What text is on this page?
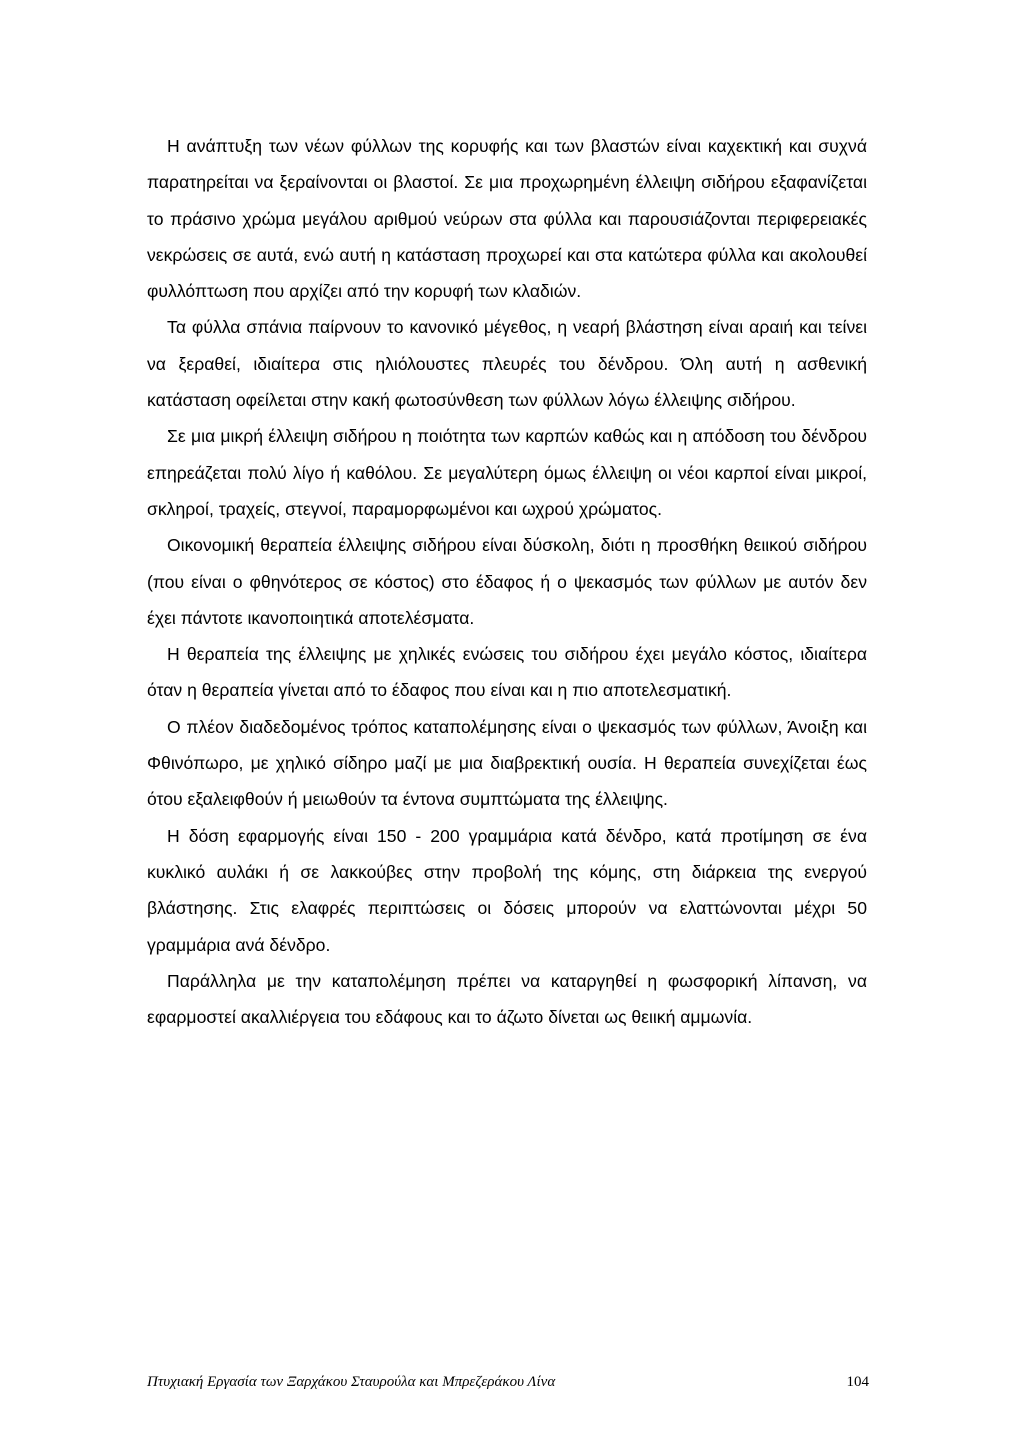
Η ανάπτυξη των νέων φύλλων της κορυφής και των βλαστών είναι καχεκτική και συχνά παρατηρείται να ξεραίνονται οι βλαστοί. Σε μια προχωρημένη έλλειψη σιδήρου εξαφανίζεται το πράσινο χρώμα μεγάλου αριθμού νεύρων στα φύλλα και παρουσιάζονται περιφερειακές νεκρώσεις σε αυτά, ενώ αυτή η κατάσταση προχωρεί και στα κατώτερα φύλλα και ακολουθεί φυλλόπτωση που αρχίζει από την κορυφή των κλαδιών.

Τα φύλλα σπάνια παίρνουν το κανονικό μέγεθος, η νεαρή βλάστηση είναι αραιή και τείνει να ξεραθεί, ιδιαίτερα στις ηλιόλουστες πλευρές του δένδρου. Όλη αυτή η ασθενική κατάσταση οφείλεται στην κακή φωτοσύνθεση των φύλλων λόγω έλλειψης σιδήρου.

Σε μια μικρή έλλειψη σιδήρου η ποιότητα των καρπών καθώς και η απόδοση του δένδρου επηρεάζεται πολύ λίγο ή καθόλου. Σε μεγαλύτερη όμως έλλειψη οι νέοι καρποί είναι μικροί, σκληροί, τραχείς, στεγνοί, παραμορφωμένοι και ωχρού χρώματος.

Οικονομική θεραπεία έλλειψης σιδήρου είναι δύσκολη, διότι η προσθήκη θειικού σιδήρου (που είναι ο φθηνότερος σε κόστος) στο έδαφος ή ο ψεκασμός των φύλλων με αυτόν δεν έχει πάντοτε ικανοποιητικά αποτελέσματα.

Η θεραπεία της έλλειψης με χηλικές ενώσεις του σιδήρου έχει μεγάλο κόστος, ιδιαίτερα όταν η θεραπεία γίνεται από το έδαφος που είναι και η πιο αποτελεσματική.

Ο πλέον διαδεδομένος τρόπος καταπολέμησης είναι ο ψεκασμός των φύλλων, Άνοιξη και Φθινόπωρο, με χηλικό σίδηρο μαζί με μια διαβρεκτική ουσία. Η θεραπεία συνεχίζεται έως ότου εξαλειφθούν ή μειωθούν τα έντονα συμπτώματα της έλλειψης.

Η δόση εφαρμογής είναι 150 - 200 γραμμάρια κατά δένδρο, κατά προτίμηση σε ένα κυκλικό αυλάκι ή σε λακκούβες στην προβολή της κόμης, στη διάρκεια της ενεργού βλάστησης. Στις ελαφρές περιπτώσεις οι δόσεις μπορούν να ελαττώνονται μέχρι 50 γραμμάρια ανά δένδρο.

Παράλληλα με την καταπολέμηση πρέπει να καταργηθεί η φωσφορική λίπανση, να εφαρμοστεί ακαλλιέργεια του εδάφους και το άζωτο δίνεται ως θειική αμμωνία.

Πτυχιακή Εργασία των Ξαρχάκου Σταυρούλα και Μπρεζεράκου Λίνα	104
